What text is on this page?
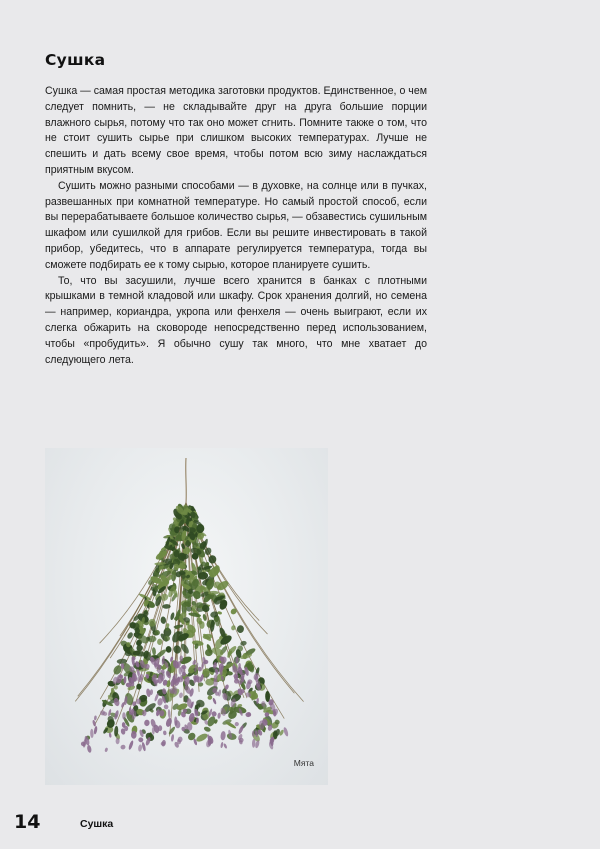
Сушка

Сушка — самая простая методика заготовки продуктов. Единственное, о чем следует помнить, — не складывайте друг на друга большие порции влажного сырья, потому что так оно может сгнить. Помните также о том, что не стоит сушить сырье при слишком высоких температурах. Лучше не спешить и дать всему свое время, чтобы потом всю зиму наслаждаться приятным вкусом.

Сушить можно разными способами — в духовке, на солнце или в пучках, развешанных при комнатной температуре. Но самый простой способ, если вы перерабатываете большое количество сырья, — обзавестись сушильным шкафом или сушилкой для грибов. Если вы решите инвестировать в такой прибор, убедитесь, что в аппарате регулируется температура, тогда вы сможете подбирать ее к тому сырью, которое планируете сушить.

То, что вы засушили, лучше всего хранится в банках с плотными крышками в темной кладовой или шкафу. Срок хранения долгий, но семена — например, кориандра, укропа или фенхеля — очень выиграют, если их слегка обжарить на сковороде непосредственно перед использованием, чтобы «пробудить». Я обычно сушу так много, что мне хватает до следующего лета.

Мята
14	Сушка
